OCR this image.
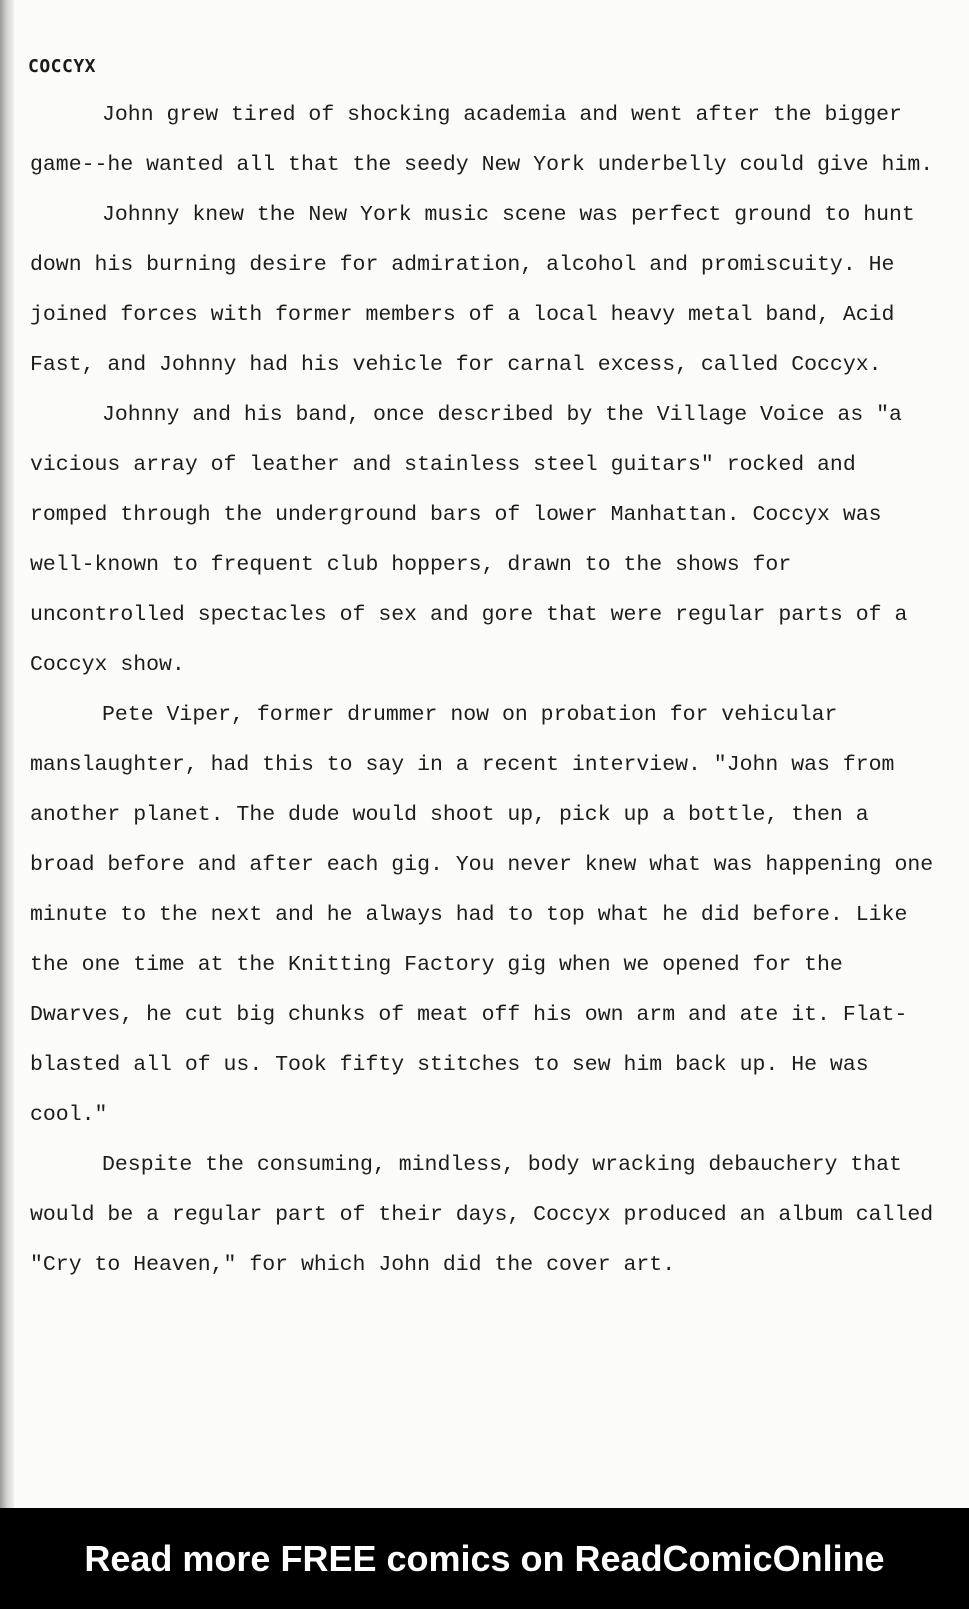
COCCYX

John grew tired of shocking academia and went after the bigger game--he wanted all that the seedy New York underbelly could give him.

Johnny knew the New York music scene was perfect ground to hunt down his burning desire for admiration, alcohol and promiscuity. He joined forces with former members of a local heavy metal band, Acid Fast, and Johnny had his vehicle for carnal excess, called Coccyx.

Johnny and his band, once described by the Village Voice as "a vicious array of leather and stainless steel guitars" rocked and romped through the underground bars of lower Manhattan. Coccyx was well-known to frequent club hoppers, drawn to the shows for uncontrolled spectacles of sex and gore that were regular parts of a Coccyx show.

Pete Viper, former drummer now on probation for vehicular manslaughter, had this to say in a recent interview. "John was from another planet. The dude would shoot up, pick up a bottle, then a broad before and after each gig. You never knew what was happening one minute to the next and he always had to top what he did before. Like the one time at the Knitting Factory gig when we opened for the Dwarves, he cut big chunks of meat off his own arm and ate it. Flat-blasted all of us. Took fifty stitches to sew him back up. He was cool."

Despite the consuming, mindless, body wracking debauchery that would be a regular part of their days, Coccyx produced an album called "Cry to Heaven," for which John did the cover art.

Read more FREE comics on ReadComicOnline
